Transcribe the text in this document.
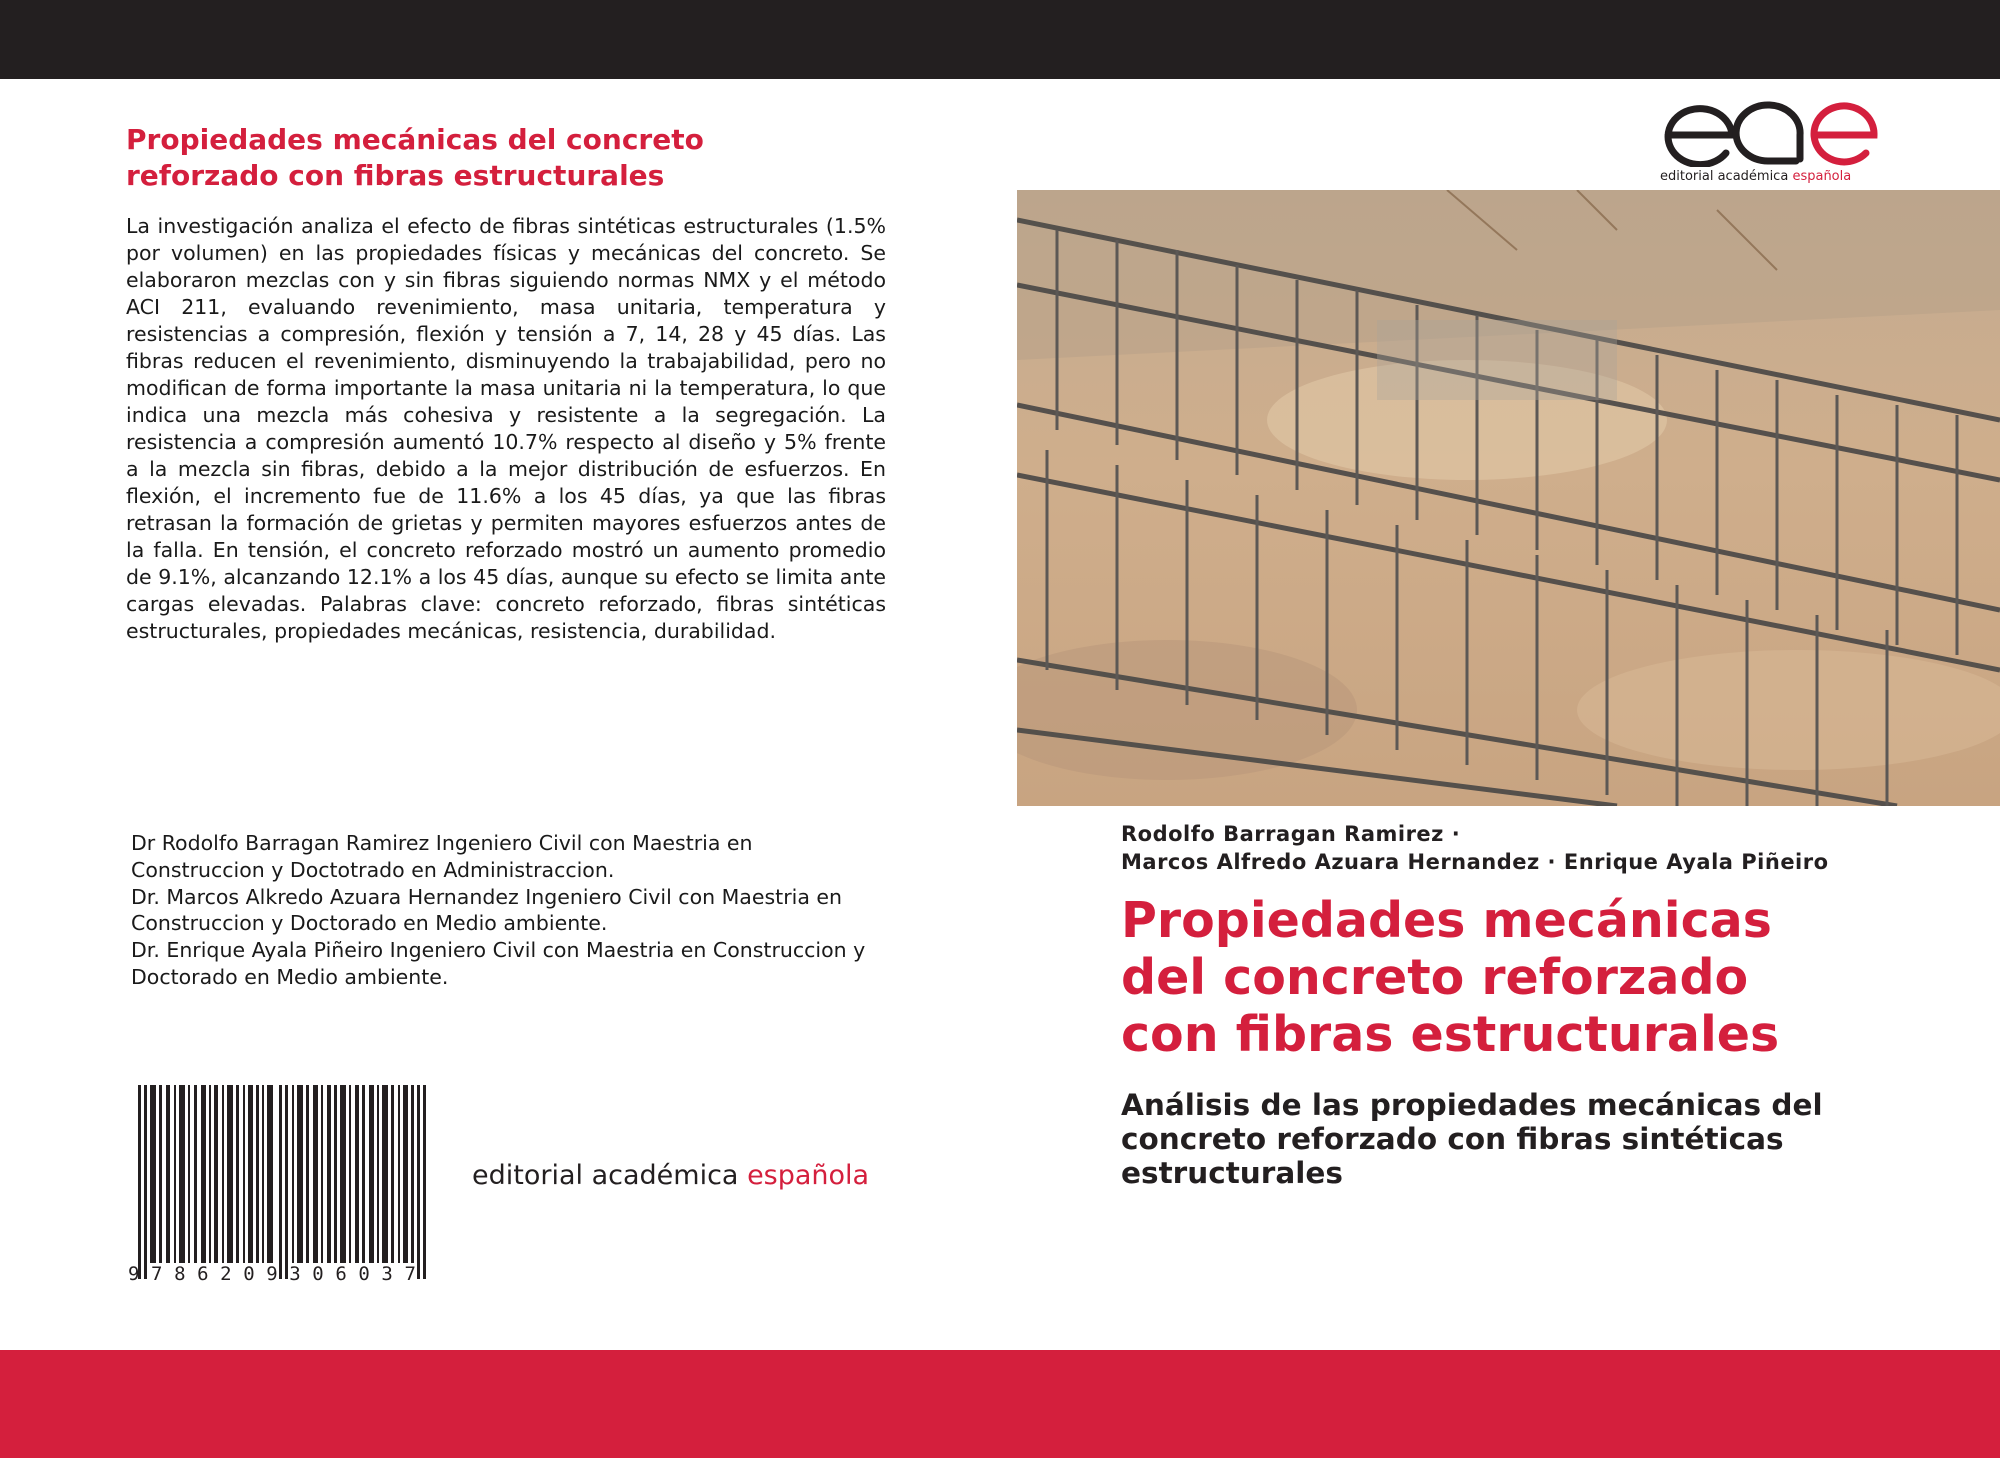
Propiedades mecánicas del concreto
reforzado con fibras estructurales

La investigación analiza el efecto de fibras sintéticas estructurales (1.5% por volumen) en las propiedades físicas y mecánicas del concreto. Se elaboraron mezclas con y sin fibras siguiendo normas NMX y el método ACI 211, evaluando revenimiento, masa unitaria, temperatura y resistencias a compresión, flexión y tensión a 7, 14, 28 y 45 días. Las fibras reducen el revenimiento, disminuyendo la trabajabilidad, pero no modifican de forma importante la masa unitaria ni la temperatura, lo que indica una mezcla más cohesiva y resistente a la segregación. La resistencia a compresión aumentó 10.7% respecto al diseño y 5% frente a la mezcla sin fibras, debido a la mejor distribución de esfuerzos. En flexión, el incremento fue de 11.6% a los 45 días, ya que las fibras retrasan la formación de grietas y permiten mayores esfuerzos antes de la falla. En tensión, el concreto reforzado mostró un aumento promedio de 9.1%, alcanzando 12.1% a los 45 días, aunque su efecto se limita ante cargas elevadas. Palabras clave: concreto reforzado, fibras sintéticas estructurales, propiedades mecánicas, resistencia, durabilidad.

Dr Rodolfo Barragan Ramirez Ingeniero Civil con Maestria en Construccion y Doctotrado en Administraccion.

Dr. Marcos Alkredo Azuara Hernandez Ingeniero Civil con Maestria en Construccion y Doctorado en Medio ambiente.

Dr. Enrique Ayala Piñeiro Ingeniero Civil con Maestria en Construccion y Doctorado en Medio ambiente.

9786209306037
editorial académica española
editorial académica española
Rodolfo Barragan Ramirez ·
Marcos Alfredo Azuara Hernandez · Enrique Ayala Piñeiro
Propiedades mecánicas
del concreto reforzado
con fibras estructurales
Análisis de las propiedades mecánicas del
concreto reforzado con fibras sintéticas
estructurales
